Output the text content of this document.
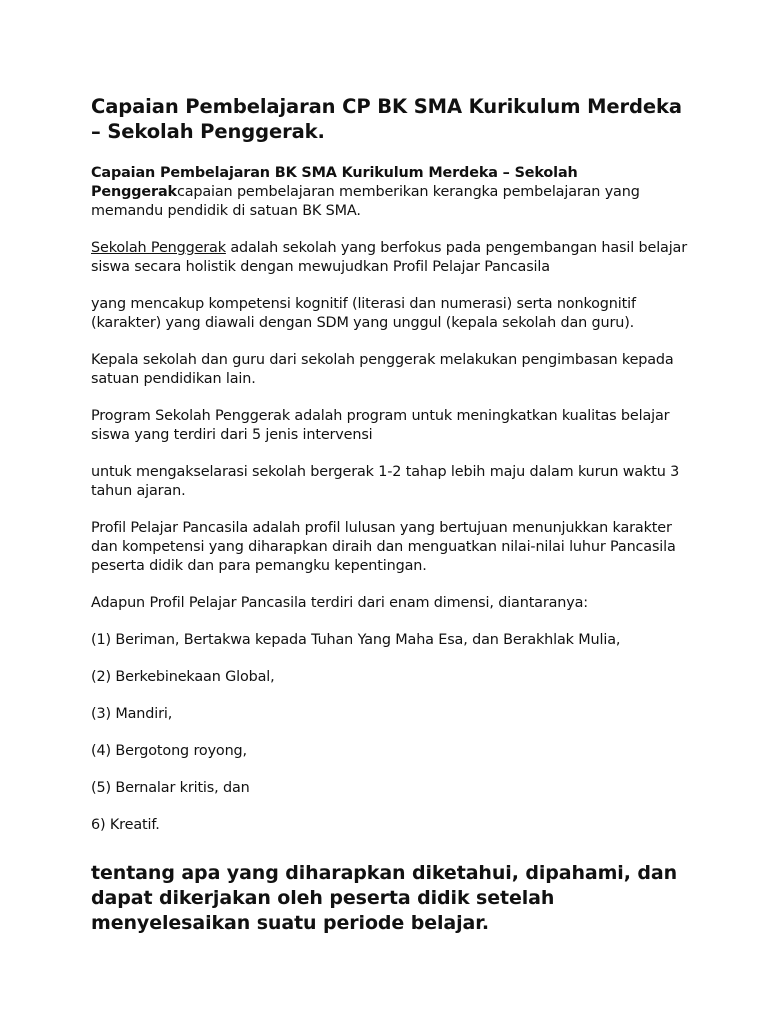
Capaian Pembelajaran CP BK SMA Kurikulum Merdeka – Sekolah Penggerak.

Capaian Pembelajaran BK SMA Kurikulum Merdeka – Sekolah Penggerakcapaian pembelajaran memberikan kerangka pembelajaran yang memandu pendidik di satuan BK SMA.

Sekolah Penggerak adalah sekolah yang berfokus pada pengembangan hasil belajar siswa secara holistik dengan mewujudkan Profil Pelajar Pancasila

yang mencakup kompetensi kognitif (literasi dan numerasi) serta nonkognitif (karakter) yang diawali dengan SDM yang unggul (kepala sekolah dan guru).

Kepala sekolah dan guru dari sekolah penggerak melakukan pengimbasan kepada satuan pendidikan lain.

Program Sekolah Penggerak adalah program untuk meningkatkan kualitas belajar siswa yang terdiri dari 5 jenis intervensi

untuk mengakselarasi sekolah bergerak 1-2 tahap lebih maju dalam kurun waktu 3 tahun ajaran.

Profil Pelajar Pancasila adalah profil lulusan yang bertujuan menunjukkan karakter dan kompetensi yang diharapkan diraih dan menguatkan nilai-nilai luhur Pancasila peserta didik dan para pemangku kepentingan.

Adapun Profil Pelajar Pancasila terdiri dari enam dimensi, diantaranya:

(1) Beriman, Bertakwa kepada Tuhan Yang Maha Esa, dan Berakhlak Mulia,

(2) Berkebinekaan Global,

(3) Mandiri,

(4) Bergotong royong,

(5) Bernalar kritis, dan

6) Kreatif.

tentang apa yang diharapkan diketahui, dipahami, dan dapat dikerjakan oleh peserta didik setelah menyelesaikan suatu periode belajar.
